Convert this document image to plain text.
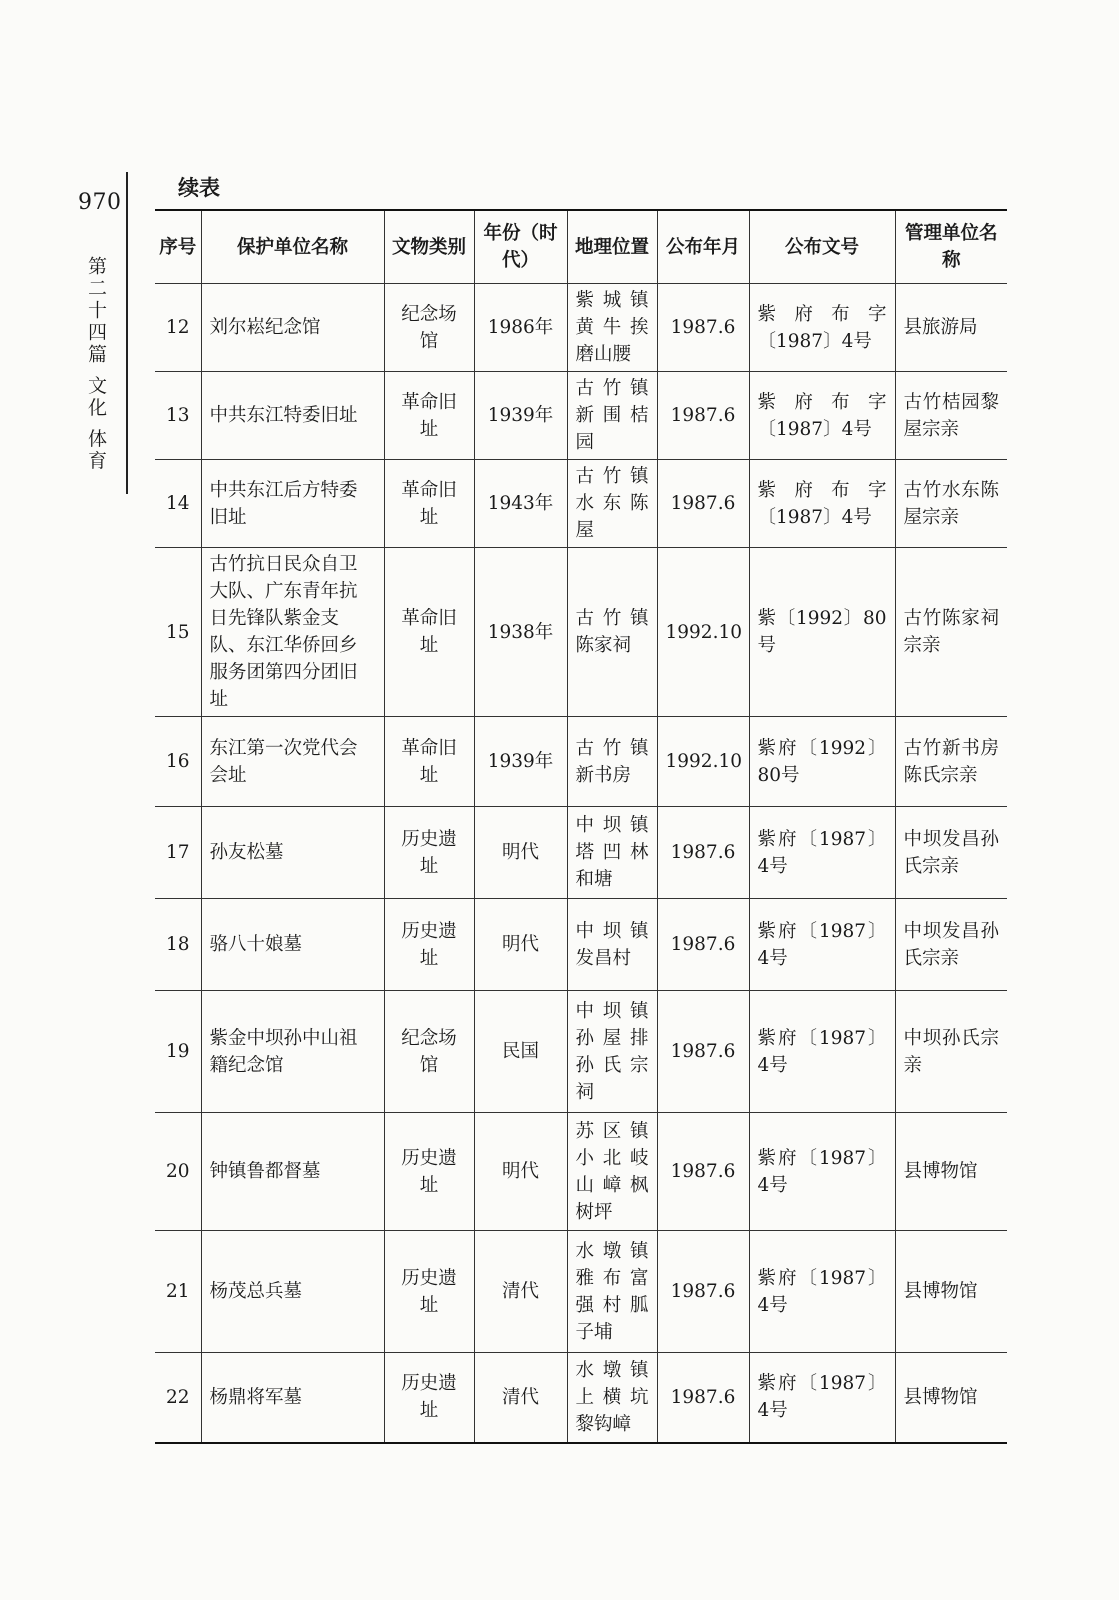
970
第二十四篇 文化 体育
续表
序号	保护单位名称	文物类别	年份（时代）	地理位置	公布年月	公布文号	管理单位名称
12	刘尔崧纪念馆	纪念场馆	1986年	紫城镇黄牛挨磨山腰	1987.6	紫府布字〔1987〕4号	县旅游局
13	中共东江特委旧址	革命旧址	1939年	古竹镇新围桔园	1987.6	紫府布字〔1987〕4号	古竹桔园黎屋宗亲
14	中共东江后方特委旧址	革命旧址	1943年	古竹镇水东陈屋	1987.6	紫府布字〔1987〕4号	古竹水东陈屋宗亲
15	古竹抗日民众自卫大队、广东青年抗日先锋队紫金支队、东江华侨回乡服务团第四分团旧址	革命旧址	1938年	古竹镇陈家祠	1992.10	紫〔1992〕80号	古竹陈家祠宗亲
16	东江第一次党代会会址	革命旧址	1939年	古竹镇新书房	1992.10	紫府〔1992〕80号	古竹新书房陈氏宗亲
17	孙友松墓	历史遗址	明代	中坝镇塔凹林和塘	1987.6	紫府〔1987〕4号	中坝发昌孙氏宗亲
18	骆八十娘墓	历史遗址	明代	中坝镇发昌村	1987.6	紫府〔1987〕4号	中坝发昌孙氏宗亲
19	紫金中坝孙中山祖籍纪念馆	纪念场馆	民国	中坝镇孙屋排孙氏宗祠	1987.6	紫府〔1987〕4号	中坝孙氏宗亲
20	钟镇鲁都督墓	历史遗址	明代	苏区镇小北岐山嶂枫树坪	1987.6	紫府〔1987〕4号	县博物馆
21	杨茂总兵墓	历史遗址	清代	水墩镇雅布富强村胍子埔	1987.6	紫府〔1987〕4号	县博物馆
22	杨鼎将军墓	历史遗址	清代	水墩镇上横坑黎钩嶂	1987.6	紫府〔1987〕4号	县博物馆
